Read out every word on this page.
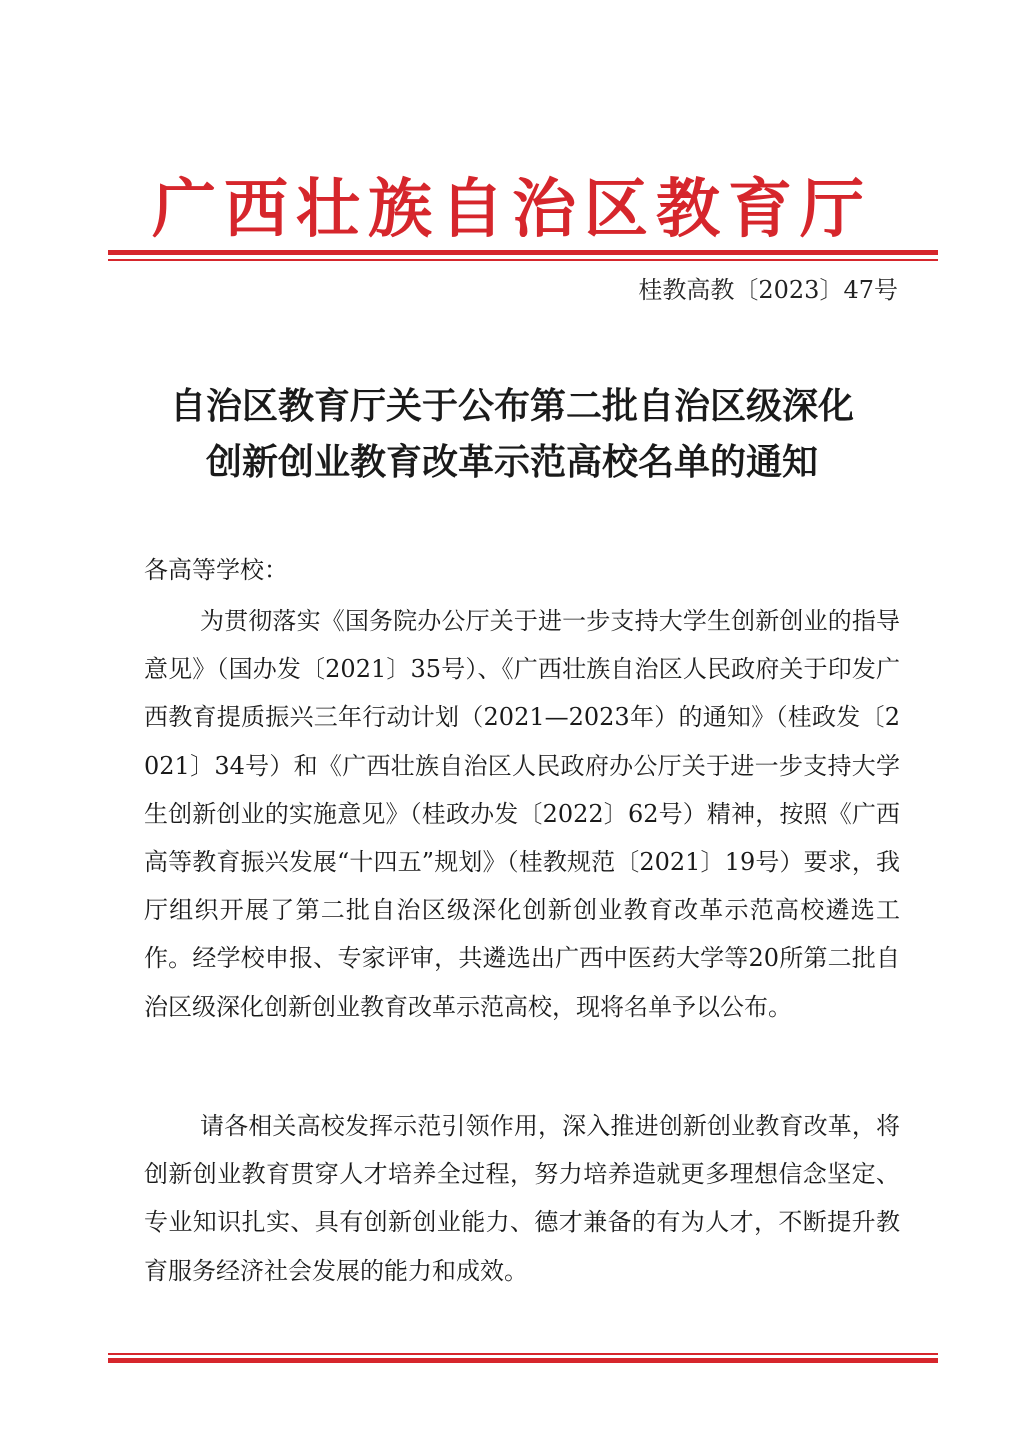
广西壮族自治区教育厅
桂教高教〔2023〕47号
自治区教育厅关于公布第二批自治区级深化
创新创业教育改革示范高校名单的通知
各高等学校：

为贯彻落实《国务院办公厅关于进一步支持大学生创新创业的指导意见》（国办发〔2021〕35号）、《广西壮族自治区人民政府关于印发广西教育提质振兴三年行动计划（2021—2023年）的通知》（桂政发〔2021〕34号）和《广西壮族自治区人民政府办公厅关于进一步支持大学生创新创业的实施意见》（桂政办发〔2022〕62号）精神，按照《广西高等教育振兴发展“十四五”规划》（桂教规范〔2021〕19号）要求，我厅组织开展了第二批自治区级深化创新创业教育改革示范高校遴选工作。经学校申报、专家评审，共遴选出广西中医药大学等20所第二批自治区级深化创新创业教育改革示范高校，现将名单予以公布。

请各相关高校发挥示范引领作用，深入推进创新创业教育改革，将创新创业教育贯穿人才培养全过程，努力培养造就更多理想信念坚定、专业知识扎实、具有创新创业能力、德才兼备的有为人才，不断提升教育服务经济社会发展的能力和成效。
